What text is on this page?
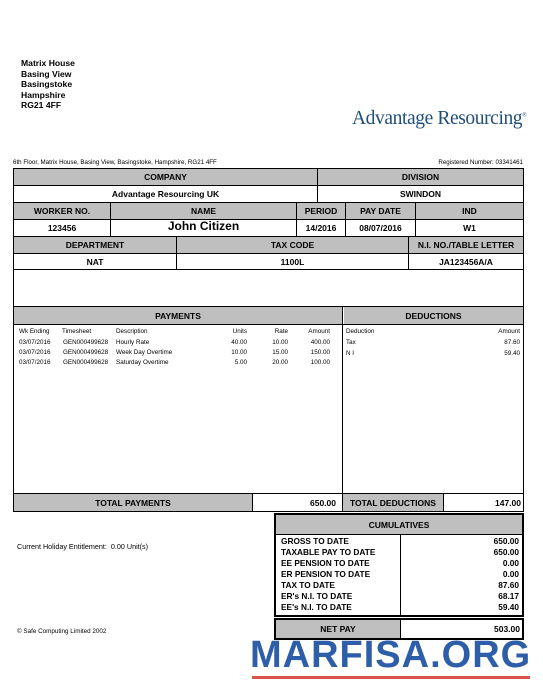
Matrix House
Basing View
Basingstoke
Hampshire
RG21 4FF
Advantage Resourcing®
6th Floor, Matrix House, Basing View, Basingstoke, Hampshire, RG21 4FF	Registered Number: 03341461
COMPANY	DIVISION
Advantage Resourcing UK	SWINDON
WORKER NO.	NAME	PERIOD	PAY DATE	IND
123456	John Citizen	14/2016	08/07/2016	W1
DEPARTMENT	TAX CODE	N.I. NO./TABLE LETTER
NAT	1100L	JA123456A/A
PAYMENTS	DEDUCTIONS
Wk Ending Timesheet	Description	Units	Rate	Amount
03/07/2016 GEN000499628 Hourly Rate	40.00	10.00	400.00
03/07/2016 GEN000499628 Week Day Overtime	10.00	15.00	150.00
03/07/2016 GEN000499628 Saturday Overtime	5.00	20.00	100.00
Deduction	Amount
Tax	87.60
N I	59.40
TOTAL PAYMENTS	650.00	TOTAL DEDUCTIONS	147.00
Current Holiday Entitlement: 0.00 Unit(s)
CUMULATIVES
GROSS TO DATE	650.00
TAXABLE PAY TO DATE	650.00
EE PENSION TO DATE	0.00
ER PENSION TO DATE	0.00
TAX TO DATE	87.60
ER's N.I. TO DATE	68.17
EE's N.I. TO DATE	59.40
NET PAY	503.00
© Safe Computing Limited 2002
MARFISA.ORG
